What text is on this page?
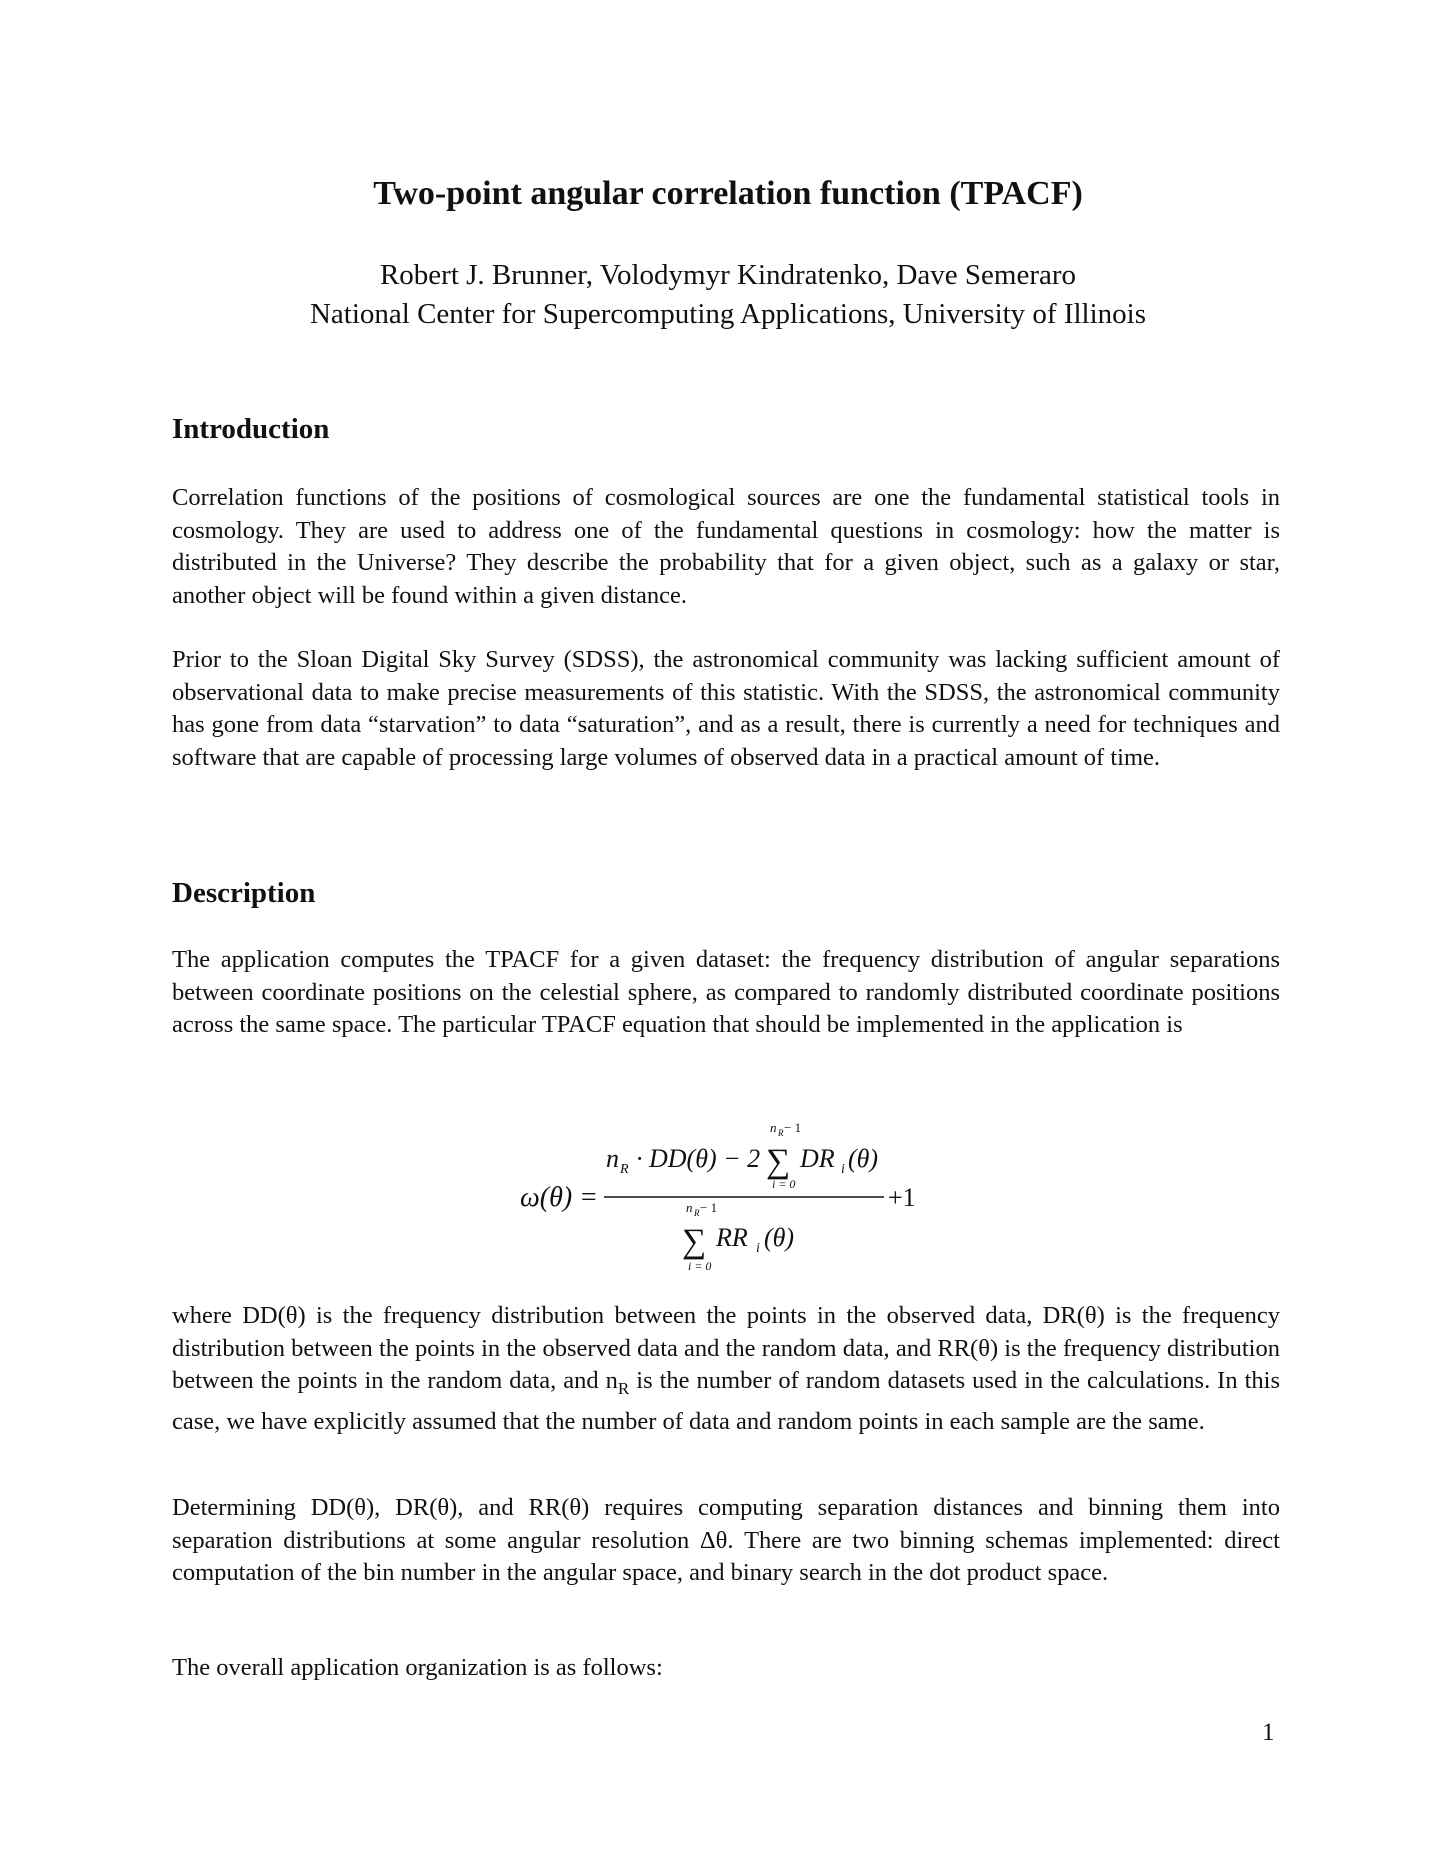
Two-point angular correlation function (TPACF)
Robert J. Brunner, Volodymyr Kindratenko, Dave Semeraro
National Center for Supercomputing Applications, University of Illinois
Introduction

Correlation functions of the positions of cosmological sources are one the fundamental statistical tools in cosmology. They are used to address one of the fundamental questions in cosmology: how the matter is distributed in the Universe? They describe the probability that for a given object, such as a galaxy or star, another object will be found within a given distance.

Prior to the Sloan Digital Sky Survey (SDSS), the astronomical community was lacking sufficient amount of observational data to make precise measurements of this statistic. With the SDSS, the astronomical community has gone from data “starvation” to data “saturation”, and as a result, there is currently a need for techniques and software that are capable of processing large volumes of observed data in a practical amount of time.

Description

The application computes the TPACF for a given dataset: the frequency distribution of angular separations between coordinate positions on the celestial sphere, as compared to randomly distributed coordinate positions across the same space. The particular TPACF equation that should be implemented in the application is

ω(θ) =
n R · DD(θ) − 2
n R − 1
∑
i = 0
DR i (θ)
n R − 1
∑
i = 0
RR i (θ)
+1

where DD(θ) is the frequency distribution between the points in the observed data, DR(θ) is the frequency distribution between the points in the observed data and the random data, and RR(θ) is the frequency distribution between the points in the random data, and $n_R$ is the number of random datasets used in the calculations. In this case, we have explicitly assumed that the number of data and random points in each sample are the same.

Determining DD(θ), DR(θ), and RR(θ) requires computing separation distances and binning them into separation distributions at some angular resolution Δθ. There are two binning schemas implemented: direct computation of the bin number in the angular space, and binary search in the dot product space.

The overall application organization is as follows:

1
